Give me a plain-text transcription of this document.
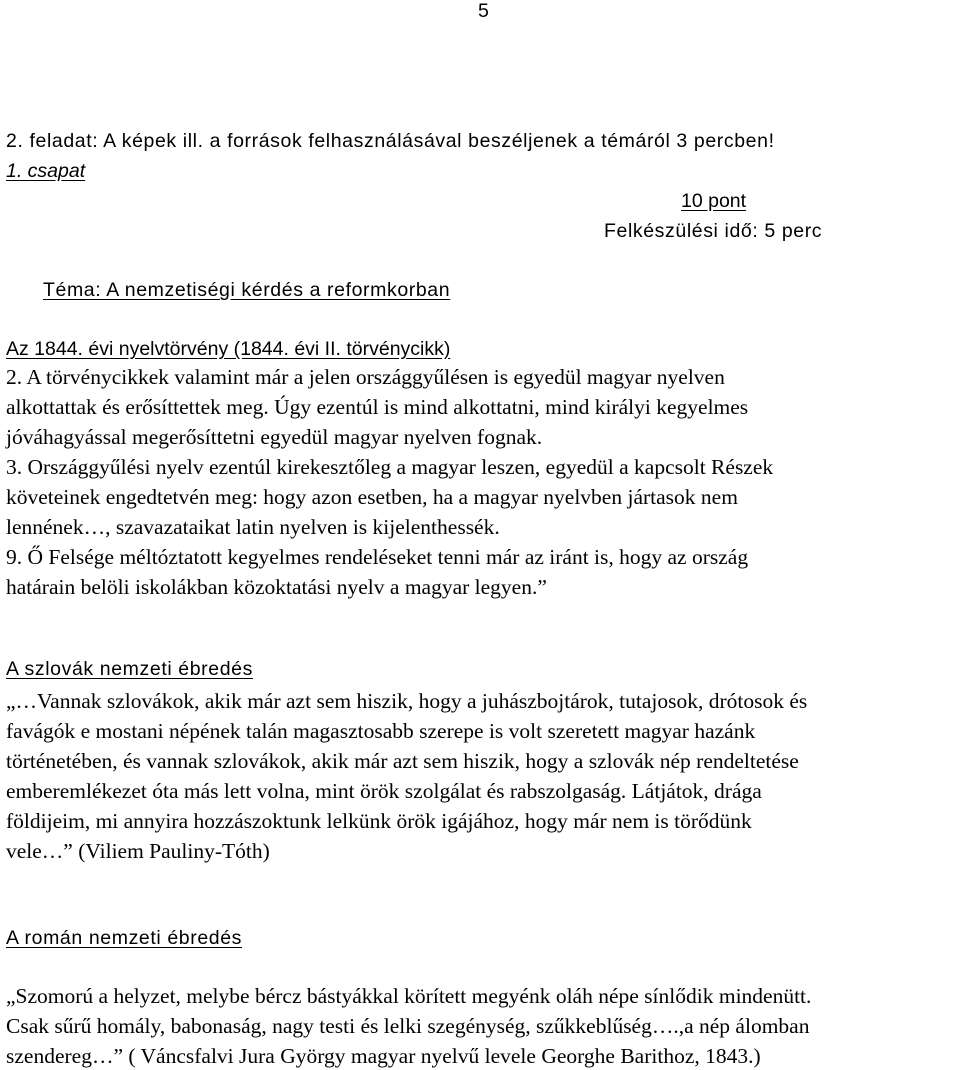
5
2. feladat: A képek ill. a források felhasználásával beszéljenek a témáról 3 percben!
1. csapat
10 pont
Felkészülési idő: 5 perc
Téma: A nemzetiségi kérdés a reformkorban
Az 1844. évi nyelvtörvény (1844. évi II. törvénycikk)
2. A törvénycikkek valamint már a jelen országgyűlésen is egyedül magyar nyelven
alkottattak és erősíttettek meg. Úgy ezentúl is mind alkottatni, mind királyi kegyelmes
jóváhagyással megerősíttetni egyedül magyar nyelven fognak.
3. Országgyűlési nyelv ezentúl kirekesztőleg a magyar leszen, egyedül a kapcsolt Részek
követeinek engedtetvén meg: hogy azon esetben, ha a magyar nyelvben jártasok nem
lennének…, szavazataikat latin nyelven is kijelenthessék.
9. Ő Felsége méltóztatott kegyelmes rendeléseket tenni már az iránt is, hogy az ország
határain belöli iskolákban közoktatási nyelv a magyar legyen.”
A szlovák nemzeti ébredés
„…Vannak szlovákok, akik már azt sem hiszik, hogy a juhászbojtárok, tutajosok, drótosok és
favágók e mostani népének talán magasztosabb szerepe is volt szeretett magyar hazánk
történetében, és vannak szlovákok, akik már azt sem hiszik, hogy a szlovák nép rendeltetése
emberemlékezet óta más lett volna, mint örök szolgálat és rabszolgaság. Látjátok, drága
földijeim, mi annyira hozzászoktunk lelkünk örök igájához, hogy már nem is törődünk
vele…” (Viliem Pauliny-Tóth)
A román nemzeti ébredés
„Szomorú a helyzet, melybe bércz bástyákkal körített megyénk oláh népe sínlődik mindenütt.
Csak sűrű homály, babonaság, nagy testi és lelki szegénység, szűkkeblűség….,a nép álomban
szendereg…” ( Váncsfalvi Jura György magyar nyelvű levele Georghe Barithoz, 1843.)
